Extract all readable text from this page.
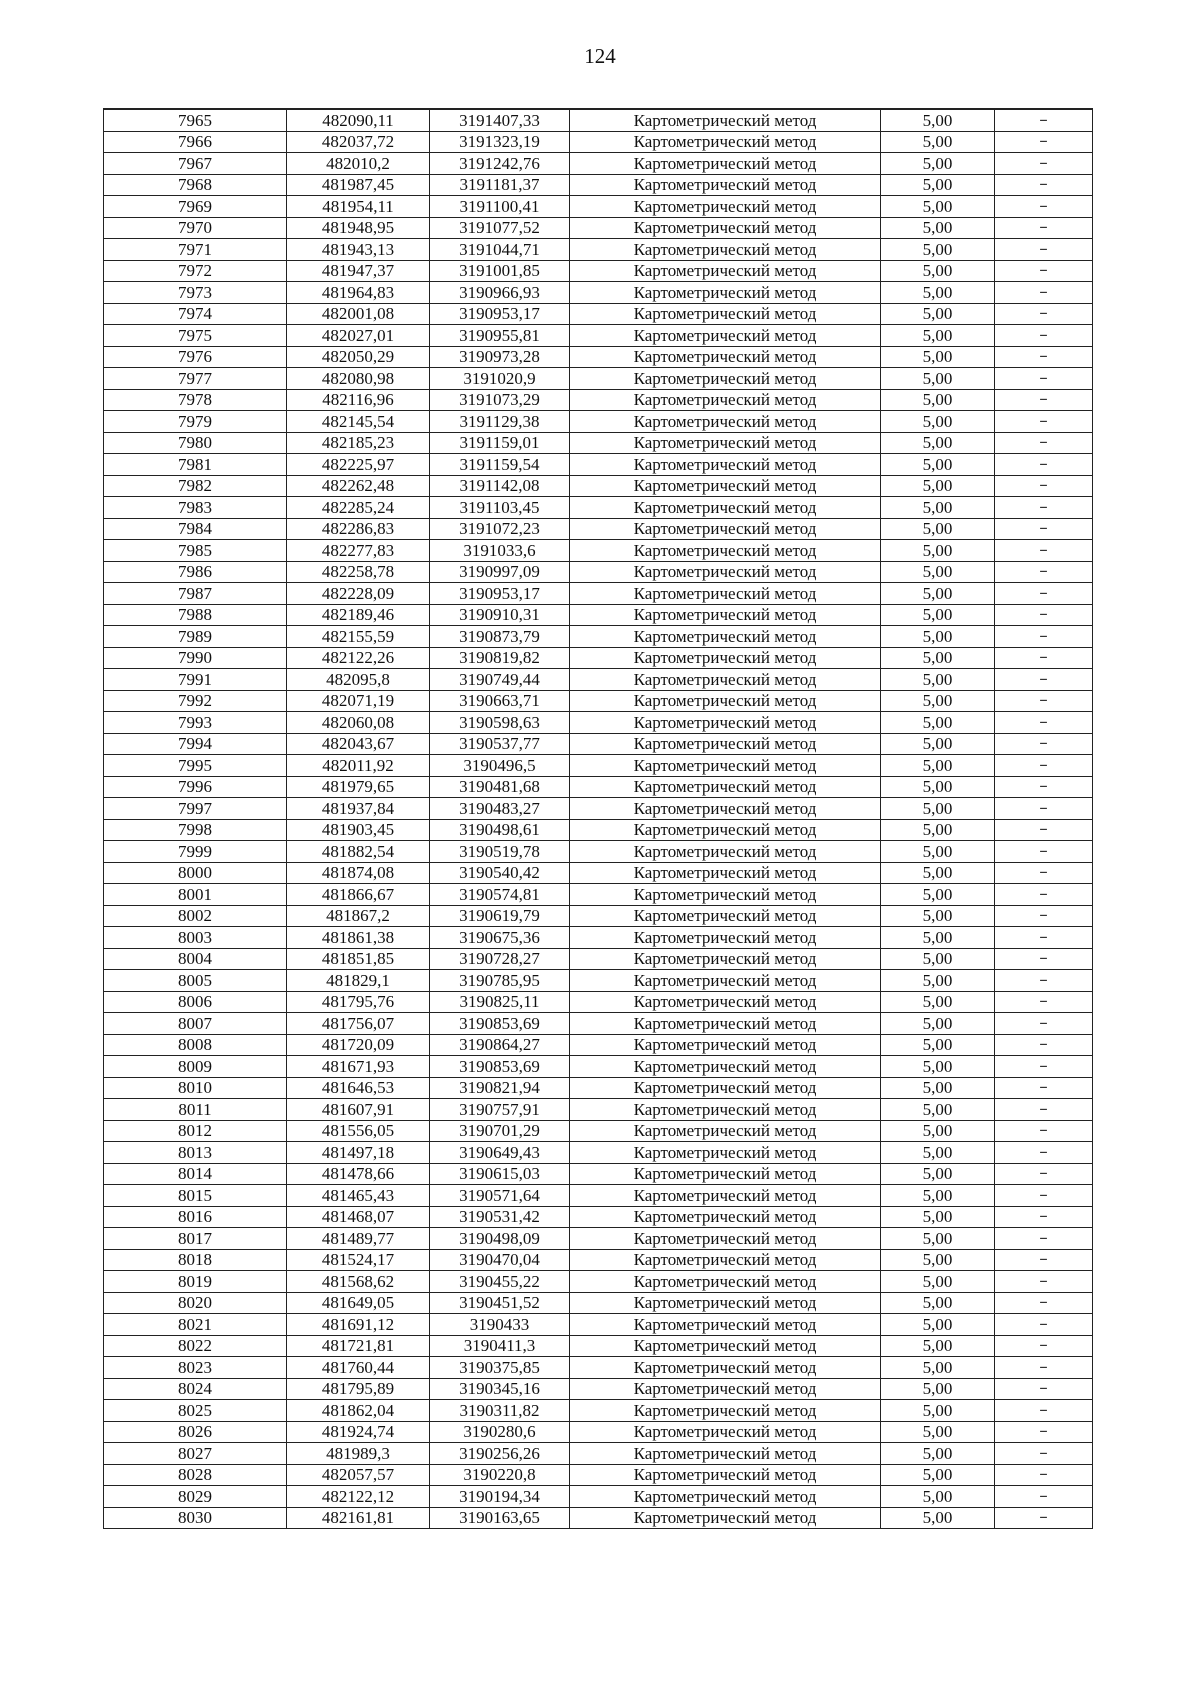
124
7965	482090,11	3191407,33	Картометрический метод	5,00	–
7966	482037,72	3191323,19	Картометрический метод	5,00	–
7967	482010,2	3191242,76	Картометрический метод	5,00	–
7968	481987,45	3191181,37	Картометрический метод	5,00	–
7969	481954,11	3191100,41	Картометрический метод	5,00	–
7970	481948,95	3191077,52	Картометрический метод	5,00	–
7971	481943,13	3191044,71	Картометрический метод	5,00	–
7972	481947,37	3191001,85	Картометрический метод	5,00	–
7973	481964,83	3190966,93	Картометрический метод	5,00	–
7974	482001,08	3190953,17	Картометрический метод	5,00	–
7975	482027,01	3190955,81	Картометрический метод	5,00	–
7976	482050,29	3190973,28	Картометрический метод	5,00	–
7977	482080,98	3191020,9	Картометрический метод	5,00	–
7978	482116,96	3191073,29	Картометрический метод	5,00	–
7979	482145,54	3191129,38	Картометрический метод	5,00	–
7980	482185,23	3191159,01	Картометрический метод	5,00	–
7981	482225,97	3191159,54	Картометрический метод	5,00	–
7982	482262,48	3191142,08	Картометрический метод	5,00	–
7983	482285,24	3191103,45	Картометрический метод	5,00	–
7984	482286,83	3191072,23	Картометрический метод	5,00	–
7985	482277,83	3191033,6	Картометрический метод	5,00	–
7986	482258,78	3190997,09	Картометрический метод	5,00	–
7987	482228,09	3190953,17	Картометрический метод	5,00	–
7988	482189,46	3190910,31	Картометрический метод	5,00	–
7989	482155,59	3190873,79	Картометрический метод	5,00	–
7990	482122,26	3190819,82	Картометрический метод	5,00	–
7991	482095,8	3190749,44	Картометрический метод	5,00	–
7992	482071,19	3190663,71	Картометрический метод	5,00	–
7993	482060,08	3190598,63	Картометрический метод	5,00	–
7994	482043,67	3190537,77	Картометрический метод	5,00	–
7995	482011,92	3190496,5	Картометрический метод	5,00	–
7996	481979,65	3190481,68	Картометрический метод	5,00	–
7997	481937,84	3190483,27	Картометрический метод	5,00	–
7998	481903,45	3190498,61	Картометрический метод	5,00	–
7999	481882,54	3190519,78	Картометрический метод	5,00	–
8000	481874,08	3190540,42	Картометрический метод	5,00	–
8001	481866,67	3190574,81	Картометрический метод	5,00	–
8002	481867,2	3190619,79	Картометрический метод	5,00	–
8003	481861,38	3190675,36	Картометрический метод	5,00	–
8004	481851,85	3190728,27	Картометрический метод	5,00	–
8005	481829,1	3190785,95	Картометрический метод	5,00	–
8006	481795,76	3190825,11	Картометрический метод	5,00	–
8007	481756,07	3190853,69	Картометрический метод	5,00	–
8008	481720,09	3190864,27	Картометрический метод	5,00	–
8009	481671,93	3190853,69	Картометрический метод	5,00	–
8010	481646,53	3190821,94	Картометрический метод	5,00	–
8011	481607,91	3190757,91	Картометрический метод	5,00	–
8012	481556,05	3190701,29	Картометрический метод	5,00	–
8013	481497,18	3190649,43	Картометрический метод	5,00	–
8014	481478,66	3190615,03	Картометрический метод	5,00	–
8015	481465,43	3190571,64	Картометрический метод	5,00	–
8016	481468,07	3190531,42	Картометрический метод	5,00	–
8017	481489,77	3190498,09	Картометрический метод	5,00	–
8018	481524,17	3190470,04	Картометрический метод	5,00	–
8019	481568,62	3190455,22	Картометрический метод	5,00	–
8020	481649,05	3190451,52	Картометрический метод	5,00	–
8021	481691,12	3190433	Картометрический метод	5,00	–
8022	481721,81	3190411,3	Картометрический метод	5,00	–
8023	481760,44	3190375,85	Картометрический метод	5,00	–
8024	481795,89	3190345,16	Картометрический метод	5,00	–
8025	481862,04	3190311,82	Картометрический метод	5,00	–
8026	481924,74	3190280,6	Картометрический метод	5,00	–
8027	481989,3	3190256,26	Картометрический метод	5,00	–
8028	482057,57	3190220,8	Картометрический метод	5,00	–
8029	482122,12	3190194,34	Картометрический метод	5,00	–
8030	482161,81	3190163,65	Картометрический метод	5,00	–
